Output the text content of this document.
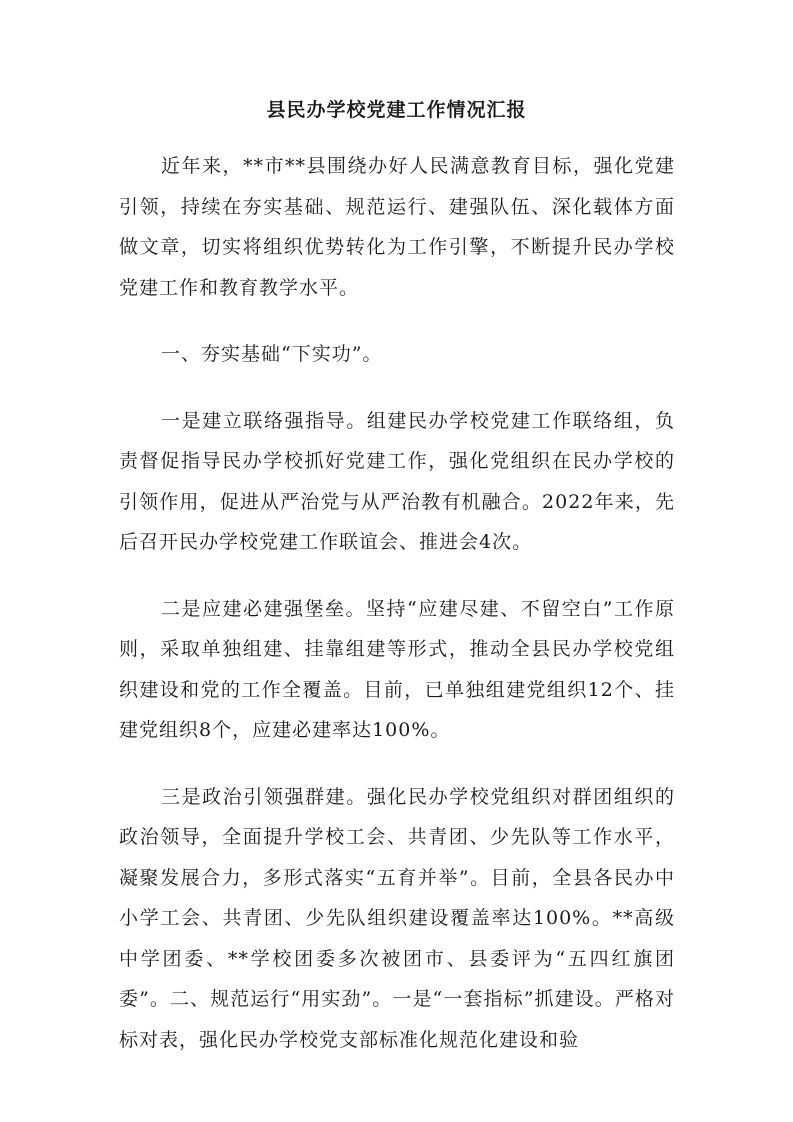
县民办学校党建工作情况汇报

近年来，**市**县围绕办好人民满意教育目标，强化党建引领，持续在夯实基础、规范运行、建强队伍、深化载体方面做文章，切实将组织优势转化为工作引擎，不断提升民办学校党建工作和教育教学水平。

一、夯实基础“下实功”。

一是建立联络强指导。组建民办学校党建工作联络组，负责督促指导民办学校抓好党建工作，强化党组织在民办学校的引领作用，促进从严治党与从严治教有机融合。2022年来，先后召开民办学校党建工作联谊会、推进会4次。

二是应建必建强堡垒。坚持“应建尽建、不留空白”工作原则，采取单独组建、挂靠组建等形式，推动全县民办学校党组织建设和党的工作全覆盖。目前，已单独组建党组织12个、挂建党组织8个，应建必建率达100%。

三是政治引领强群建。强化民办学校党组织对群团组织的政治领导，全面提升学校工会、共青团、少先队等工作水平，凝聚发展合力，多形式落实“五育并举”。目前，全县各民办中小学工会、共青团、少先队组织建设覆盖率达100%。**高级中学团委、**学校团委多次被团市、县委评为“五四红旗团委”。二、规范运行“用实劲”。一是“一套指标”抓建设。严格对标对表，强化民办学校党支部标准化规范化建设和验
